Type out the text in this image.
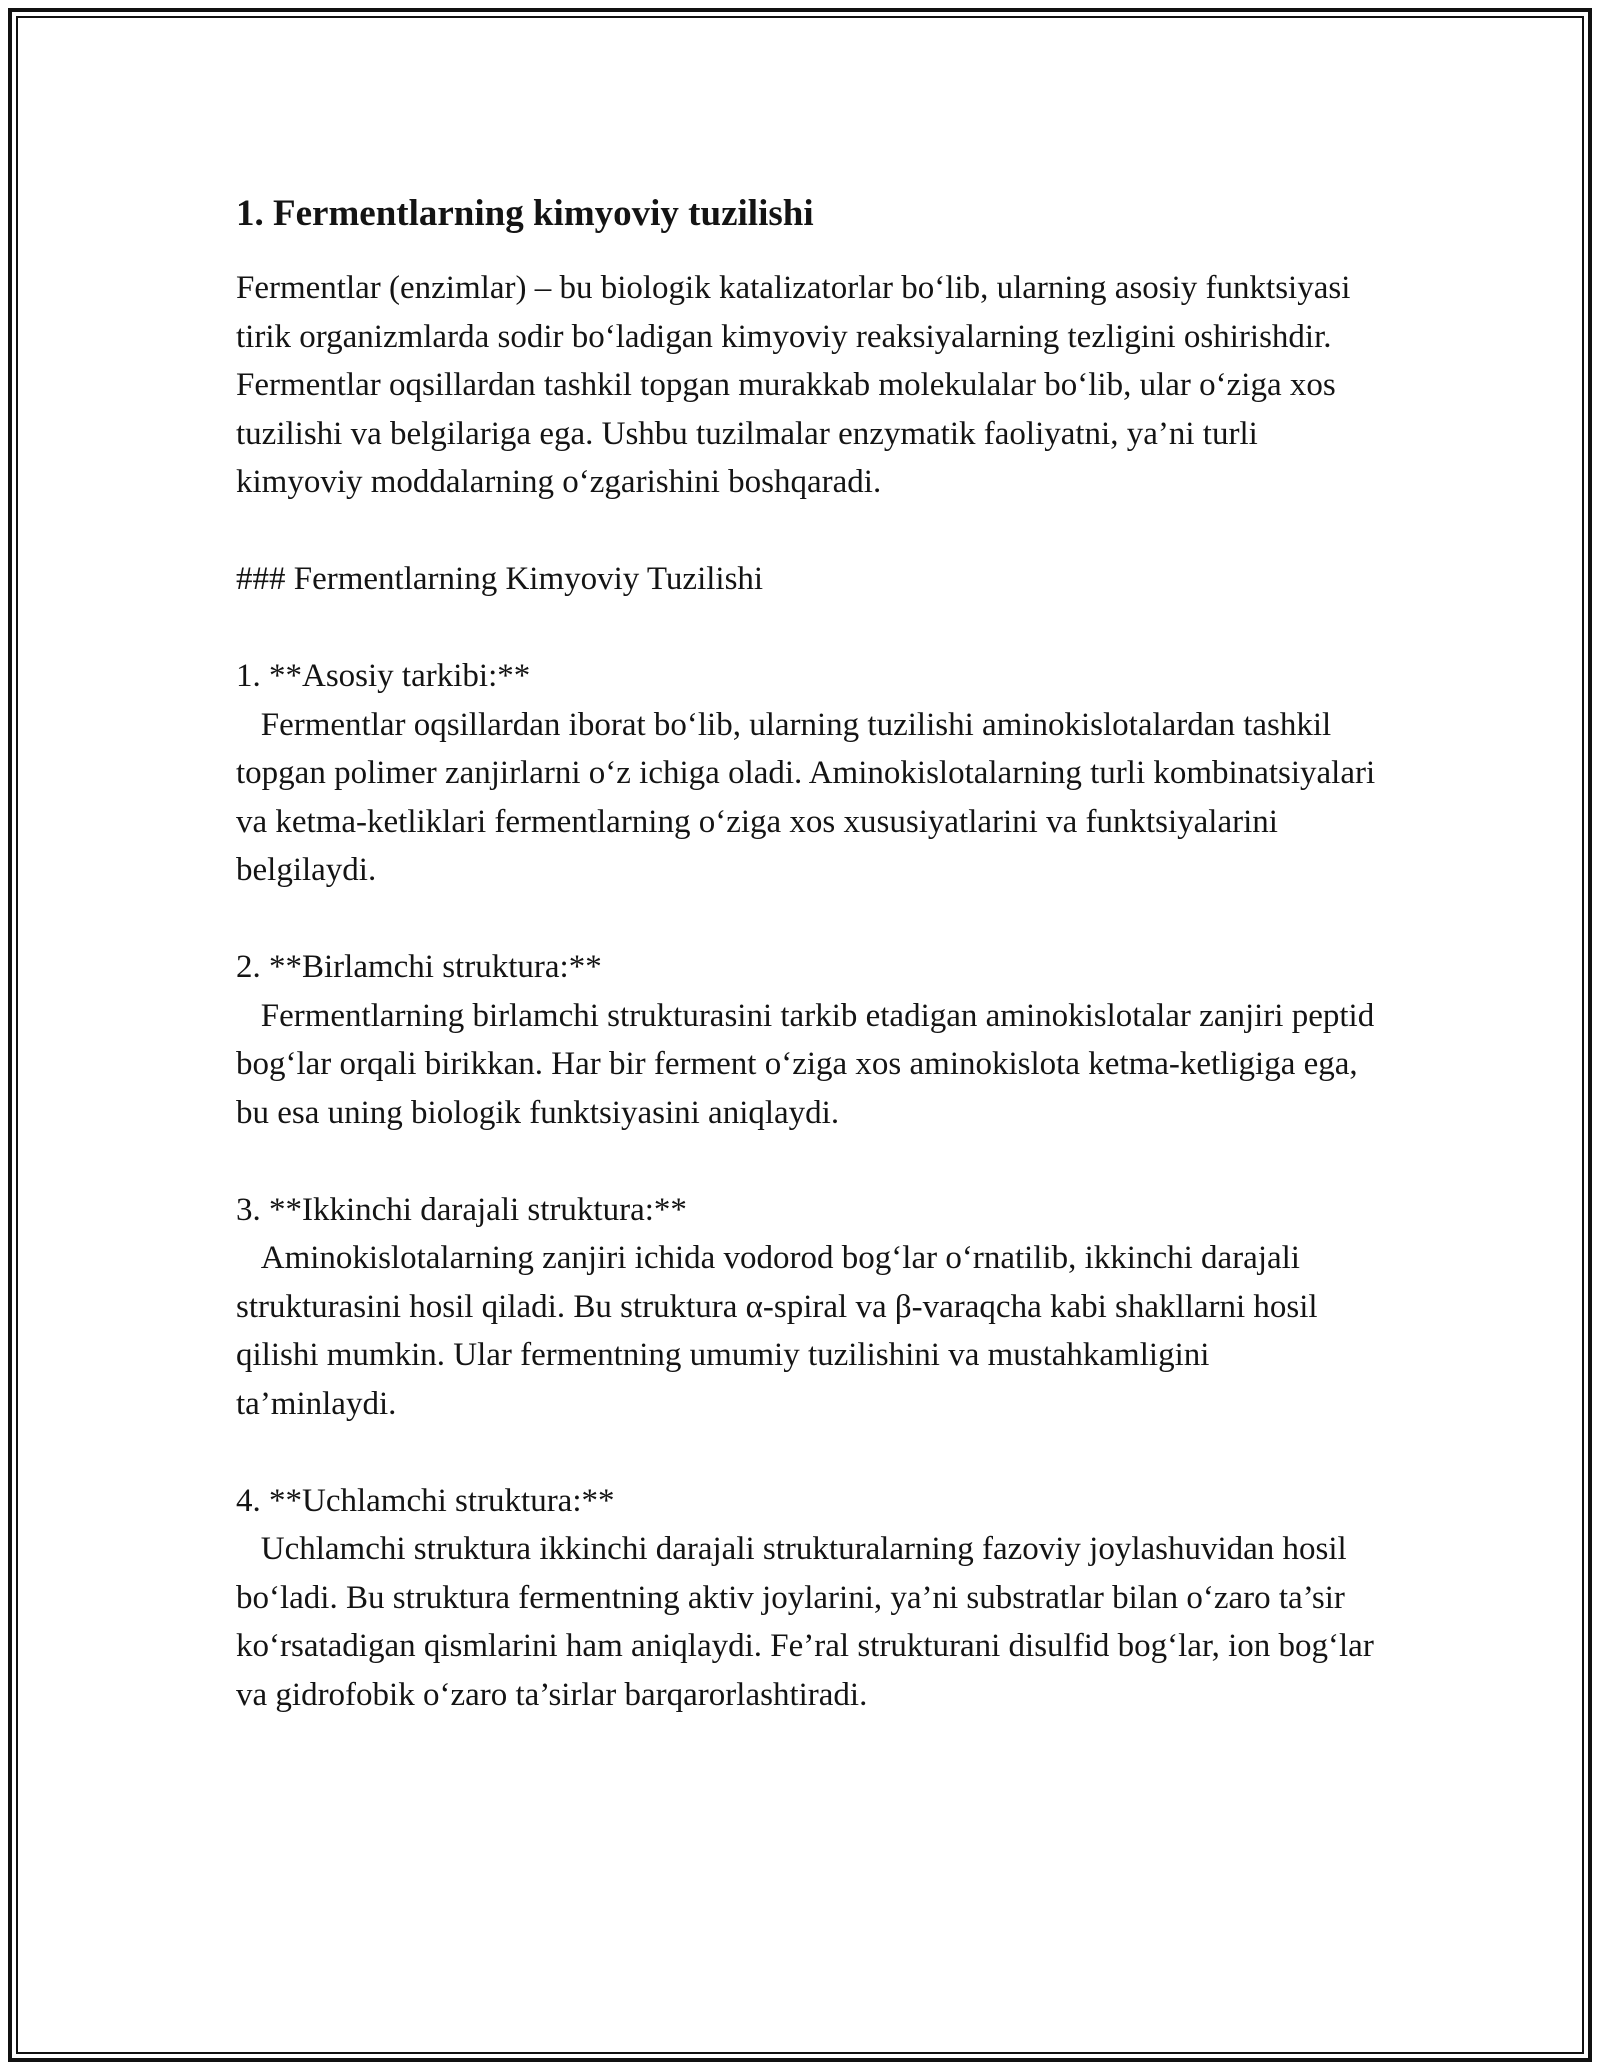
1. Fermentlarning kimyoviy tuzilishi

Fermentlar (enzimlar) – bu biologik katalizatorlar bo‘lib, ularning asosiy funktsiyasi tirik organizmlarda sodir bo‘ladigan kimyoviy reaksiyalarning tezligini oshirishdir. Fermentlar oqsillardan tashkil topgan murakkab molekulalar bo‘lib, ular o‘ziga xos tuzilishi va belgilariga ega. Ushbu tuzilmalar enzymatik faoliyatni, ya’ni turli kimyoviy moddalarning o‘zgarishini boshqaradi.

### Fermentlarning Kimyoviy Tuzilishi

1. **Asosiy tarkibi:**

Fermentlar oqsillardan iborat bo‘lib, ularning tuzilishi aminokislotalardan tashkil topgan polimer zanjirlarni o‘z ichiga oladi. Aminokislotalarning turli kombinatsiyalari va ketma-ketliklari fermentlarning o‘ziga xos xususiyatlarini va funktsiyalarini belgilaydi.

2. **Birlamchi struktura:**

Fermentlarning birlamchi strukturasini tarkib etadigan aminokislotalar zanjiri peptid bog‘lar orqali birikkan. Har bir ferment o‘ziga xos aminokislota ketma-ketligiga ega, bu esa uning biologik funktsiyasini aniqlaydi.

3. **Ikkinchi darajali struktura:**

Aminokislotalarning zanjiri ichida vodorod bog‘lar o‘rnatilib, ikkinchi darajali strukturasini hosil qiladi. Bu struktura α-spiral va β-varaqcha kabi shakllarni hosil qilishi mumkin. Ular fermentning umumiy tuzilishini va mustahkamligini ta’minlaydi.

4. **Uchlamchi struktura:**

Uchlamchi struktura ikkinchi darajali strukturalarning fazoviy joylashuvidan hosil bo‘ladi. Bu struktura fermentning aktiv joylarini, ya’ni substratlar bilan o‘zaro ta’sir ko‘rsatadigan qismlarini ham aniqlaydi. Fe’ral strukturani disulfid bog‘lar, ion bog‘lar va gidrofobik o‘zaro ta’sirlar barqarorlashtiradi.
